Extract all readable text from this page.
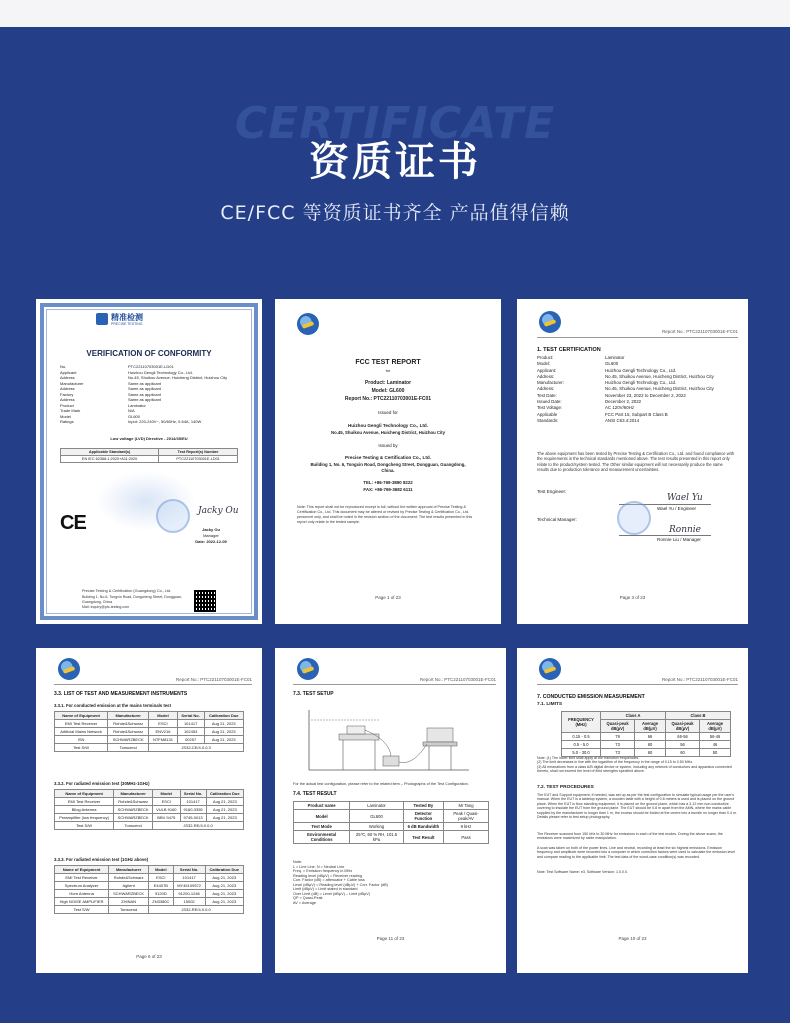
CERTIFICATE
资质证书
CE/FCC 等资质证书齐全 产品值得信赖
精准检测
PRECISE TESTING
VERIFICATION OF CONFORMITY
No.	PTC22110703001E-LD01
Applicant	Huizhou Gengli Technology Co., Ltd.
Address	No.45, Shuikou Avenue, Huicheng District, Huizhou City
Manufacturer	Same as applicant
Address	Same as applicant
Factory	Same as applicant
Address	Same as applicant
Product	Laminator
Trade Mark	N/A
Model	GL600
Ratings	Input: 220-240V~, 50/60Hz, 0.64A, 140W
Low voltage (LVD) Directive - 2014/35/EU
Applicable Standard(s)	Test Report(s) Number
EN IEC 62368-1:2020+A11:2020	PTC22110703001E-LD01
CE
Jacky Ou
Jacky Ou
Manager
Date: 2022-12-09
Precise Testing & Certification (Guangdong) Co., Ltd.
Building 1, No.6, Tongxin Road, Dongcheng Street, Dongguan, Guangdong, China
Mail: inquiry@ptc-testing.com
FCC TEST REPORT
for
Product: Laminator
Model: GL600
Report No.: PTC22110703001E-FC01
Issued for
Huizhou Gengli Technology Co., Ltd.
No.45, Shuikou Avenue, Huicheng District, Huizhou City
Issued by
Precise Testing & Certification Co., Ltd.
Building 1, No. 6, Tongxin Road, Dongcheng Street, Dongguan, Guangdong, China.
TEL: +86-769-3890 8222
FAX: +86-769-3682 6111
Note: This report shall not be reproduced except in full, without the written approval of Precise Testing & Certification Co., Ltd. This document may be altered or revised by Precise Testing & Certification Co., Ltd. personnel only, and shall be noted in the revision section of the document. The test results presented in this report only relate to the tested sample.
Page 1 of 23
Report No.: PTC22110703001E-FC01
1. TEST CERTIFICATION
Product:	Laminator
Model:	GL600
Applicant:	Huizhou Gengli Technology Co., Ltd.
Address:	No.45, Shuikou Avenue, Huicheng District, Huizhou City
Manufacturer:	Huizhou Gengli Technology Co., Ltd.
Address:	No.45, Shuikou Avenue, Huicheng District, Huizhou City
Test Date:	November 23, 2022 to December 2, 2022
Issued Date:	December 2, 2022
Test Voltage:	AC 120V/60Hz
Applicable	FCC Part 15, Subpart B Class B
Standards:	ANSI C63.4:2014
The above equipment has been tested by Precise Testing & Certification Co., Ltd. and found compliance with the requirements in the technical standards mentioned above. The test results presented in this report only relate to the product/system tested. The Other similar equipment will not necessarily produce the same results due to production tolerance and measurement uncertainties.
Test Engineer:
Wael Yu
Wael Yu / Engineer
Technical Manager:
Ronnie
Ronnie Liu / Manager
Page 3 of 23
Report No.: PTC22110703001E-FC01
3.3. LIST OF TEST AND MEASUREMENT INSTRUMENTS
3.3.1. For conducted emission at the mains terminals test
Name of Equipment	Manufacturer	Model	Serial No.	Calibration Due
EMI Test Receiver	Rohde&Schwarz	ESCI	101417	Aug 21, 2023
Artificial Mains Network	Rohde&Schwarz	ENV216	102453	Aug 21, 2023
ISN	SCHWARZBECK	NTFM8131	00257	Aug 21, 2023
Test S/W	Tonscend	JS32-CE/4.0.0.3		
3.3.2. For radiated emission test (30MHz-1GHz)
Name of Equipment	Manufacturer	Model	Serial No.	Calibration Due
EMI Test Receiver	Rohde&Schwarz	ESCI	101417	Aug 21, 2023
Bilog Antenna	SCHWARZBECK	VULB 9160	9160-3355	Aug 21, 2023
Preamplifier (low frequency)	SCHWARZBECK	BBV 9475	9745-0013	Aug 21, 2023
Test S/W	Tonscend	JS32-RE/4.0.0.0		
3.3.3. For radiated emission test (1GHz above)
Name of Equipment	Manufacturer	Model	Serial No.	Calibration Due
EMI Test Receiver	Rohde&Schwarz	ESCI	101417	Aug 21, 2023
Spectrum Analyzer	Agilent	E4407B	MY45109572	Aug 21, 2023
Horn Antenna	SCHWARZBECK	9120D	91200-1246	Aug 21, 2023
High NOISE AMPLIFIER	ZHINAN	ZN3380C	15002	Aug 21, 2023
Test S/W	Tonscend	JS32-RE/4.0.0.0		
Page 6 of 23
Report No.: PTC22110703001E-FC01
7.3. TEST SETUP
For the actual test configuration, please refer to the related item – Photographs of the Test Configuration.
7.4. TEST RESULT
Product name	Laminator	Tested By	Mr Tang
Model	GL600	Detector Function	Peak / Quasi-peak/AV
Test Mode	Working	6 dB Bandwidth	9 kHz
Environmental Conditions	25℃, 60 % RH, 101.5 kPa	Test Result	Pass
Note:
L = Line Line, N = Neutral Line
Freq. = Emission frequency in MHz
Reading level (dBµV) = Receiver reading
Corr. Factor (dB) = attenuator + Cable loss
Level (dBµV) = Reading level (dBµV) + Corr. Factor (dB)
Limit (dBµV) = Limit stated in standard
Over Limit (dB) = Level (dBµV) – Limit (dBµV)
QP = Quasi-Peak
AV = Average
Page 11 of 23
Report No.: PTC22110703001E-FC01
7. CONDUCTED EMISSION MEASUREMENT
7.1. LIMITS
FREQUENCY (MHz)	Class A		Class B	
	Quasi-peak dB(µV)	Average dB(µV)	Quasi-peak dB(µV)	Average dB(µV)
0.15 - 0.5	79	66	66-56	56-46
0.5 - 5.0	73	60	56	46
5.0 - 30.0	73	60	60	50
Note: (1) The lower limit shall apply at the transition frequencies.
(2) The limit decreases in line with the logarithm of the frequency in the range of 0.15 to 0.50 MHz.
(3) All emanations from a class A/B digital device or system, including any network of conductors and apparatus connected thereto, shall not exceed the level of field strengths specified above.
7.2. TEST PROCEDURES
The EUT and Support equipment, if needed, was set up as per the test configuration to simulate typical usage per the user's manual. When the EUT is a tabletop system, a wooden table with a height of 0.8 meters is used and is placed on the ground plane. When the EUT is floor standing equipment, it is placed on the ground plane, which has a 3-12 mm non-conductive covering to insulate the EUT from the ground plane. The EUT should be 0.8 m apart from the AMN, where the mains cable supplied by the manufacturer is longer than 1 m, the excess should be folded at the centre into a bundle no longer than 0.4 m. Details please refer to test setup photography.
The Receiver scanned from 150 kHz to 30 MHz for emissions in each of the test modes. During the above scans, the emissions were maximized by cable manipulation.
A scan was taken on both of the power lines, Line and neutral, recording at least the six highest emissions. Emission frequency and amplitude were recorded into a computer in which correction factors were used to calculate the emission level and compare reading to the applicable limit. The test data of the worst-case condition(s) was recorded.
Note: Test Software Name: e3, Software Version: 1.0.0.0.
Page 10 of 23
